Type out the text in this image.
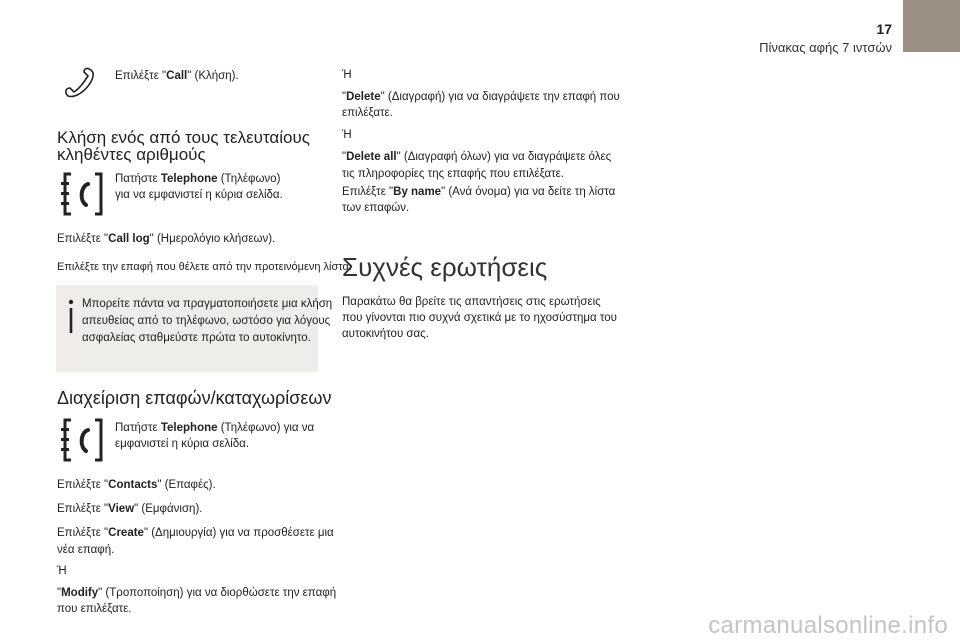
17
Πίνακας αφής 7 ιντσών
Επιλέξτε "Call" (Κλήση).
Κλήση ενός από τους τελευταίους
κληθέντες αριθμούς
Πατήστε Telephone (Τηλέφωνο)
για να εμφανιστεί η κύρια σελίδα.
Επιλέξτε "Call log" (Ημερολόγιο κλήσεων).
Επιλέξτε την επαφή που θέλετε από την προτεινόμενη λίστα.
Μπορείτε πάντα να πραγματοποιήσετε μια κλήση
απευθείας από το τηλέφωνο, ωστόσο για λόγους
ασφαλείας σταθμεύστε πρώτα το αυτοκίνητο.
Διαχείριση επαφών/καταχωρίσεων
Πατήστε Telephone (Τηλέφωνο) για να
εμφανιστεί η κύρια σελίδα.
Επιλέξτε "Contacts" (Επαφές).
Επιλέξτε "View" (Εμφάνιση).
Επιλέξτε "Create" (Δημιουργία) για να προσθέσετε μια
νέα επαφή.
Ή
"Modify" (Τροποποίηση) για να διορθώσετε την επαφή
που επιλέξατε.
Ή
"Delete" (Διαγραφή) για να διαγράψετε την επαφή που
επιλέξατε.
Ή
"Delete all" (Διαγραφή όλων) για να διαγράψετε όλες
τις πληροφορίες της επαφής που επιλέξατε.
Επιλέξτε "By name" (Ανά όνομα) για να δείτε τη λίστα
των επαφών.
Συχνές ερωτήσεις
Παρακάτω θα βρείτε τις απαντήσεις στις ερωτήσεις
που γίνονται πιο συχνά σχετικά με το ηχοσύστημα του
αυτοκινήτου σας.
carmanualsonline.info
